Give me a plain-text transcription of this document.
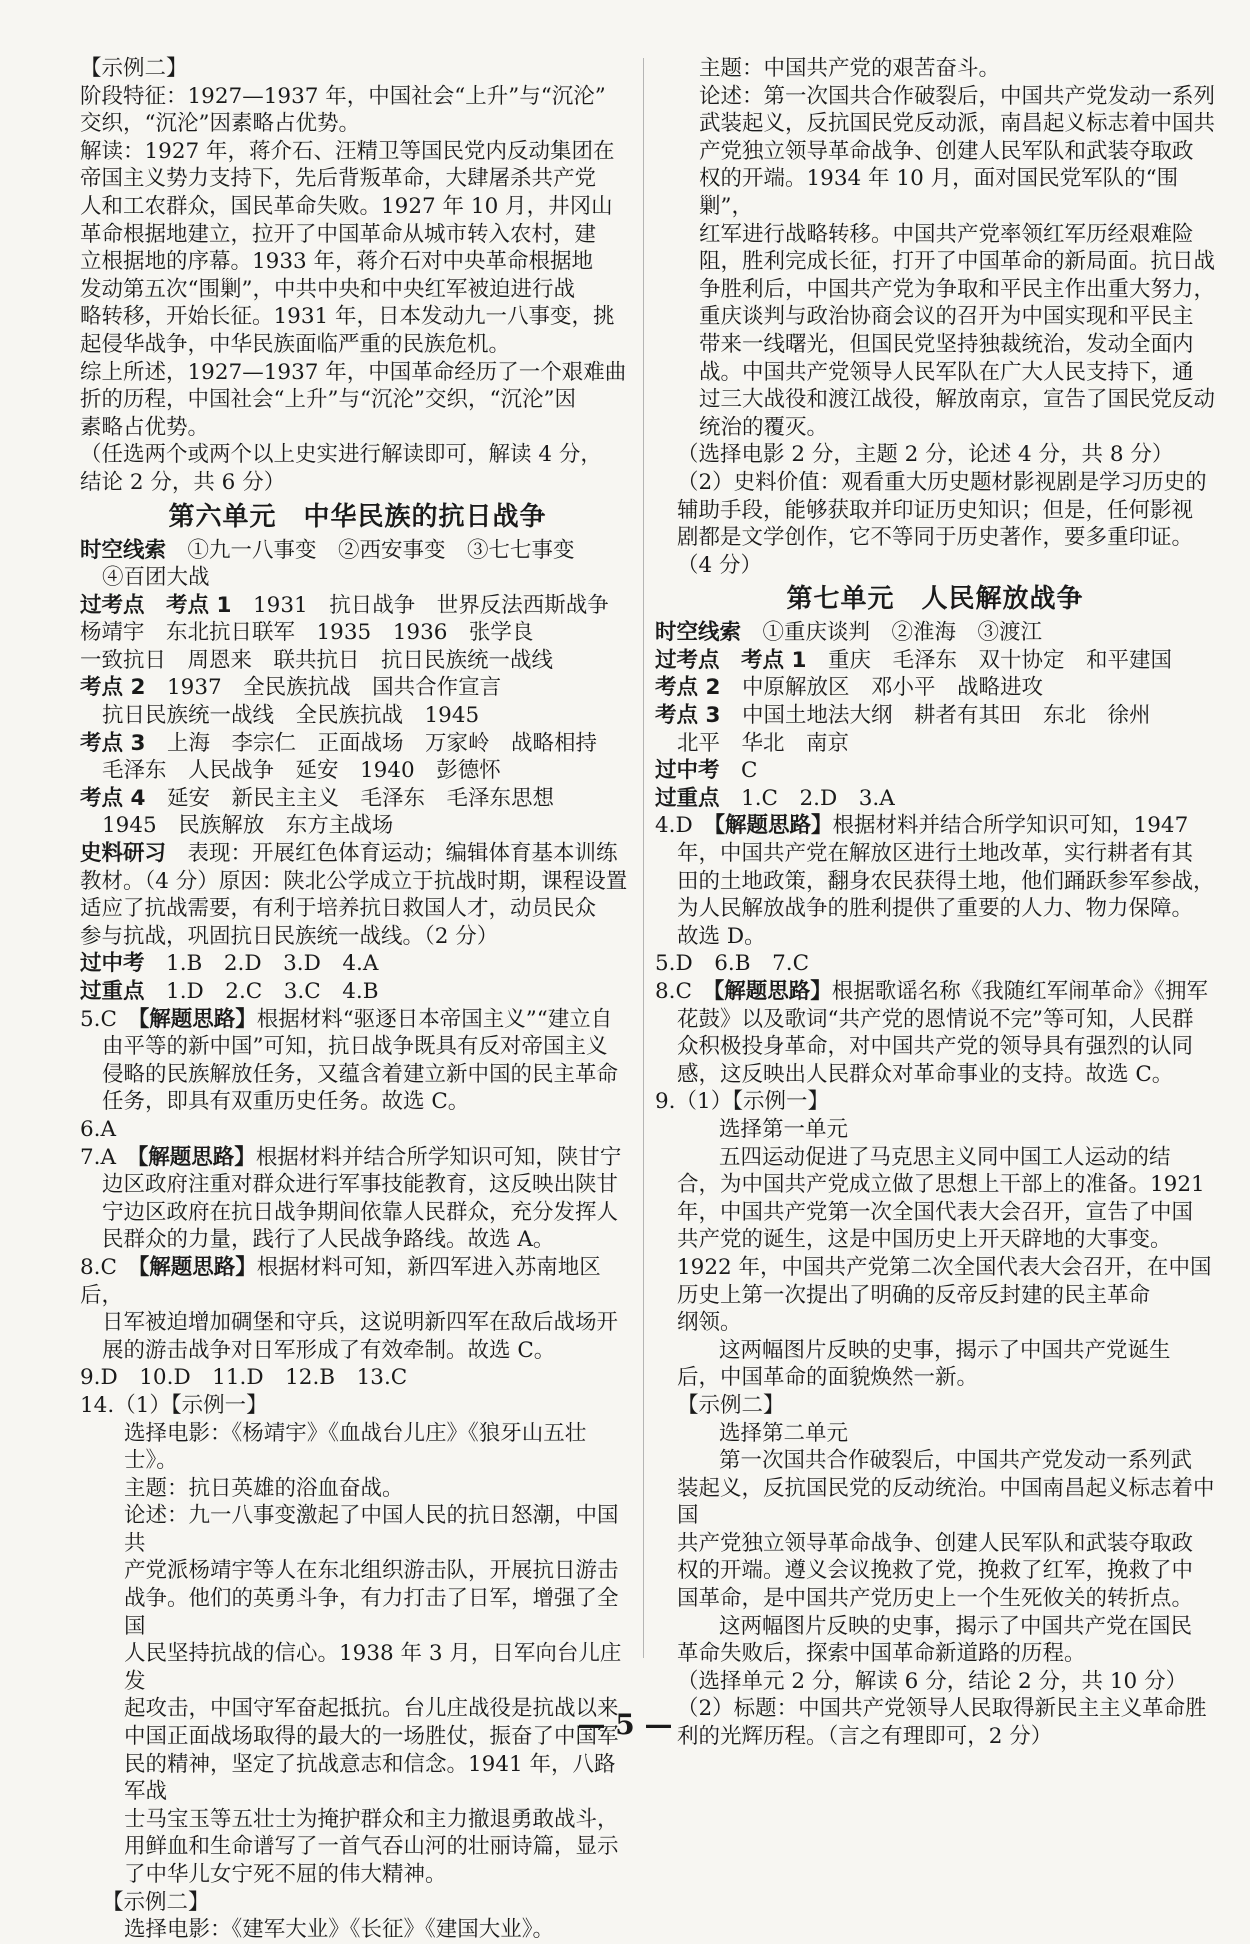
【示例二】

阶段特征：1927—1937 年，中国社会“上升”与“沉沦”

交织，“沉沦”因素略占优势。

解读：1927 年，蒋介石、汪精卫等国民党内反动集团在

帝国主义势力支持下，先后背叛革命，大肆屠杀共产党

人和工农群众，国民革命失败。1927 年 10 月，井冈山

革命根据地建立，拉开了中国革命从城市转入农村，建

立根据地的序幕。1933 年，蒋介石对中央革命根据地

发动第五次“围剿”，中共中央和中央红军被迫进行战

略转移，开始长征。1931 年，日本发动九一八事变，挑

起侵华战争，中华民族面临严重的民族危机。

综上所述，1927—1937 年，中国革命经历了一个艰难曲

折的历程，中国社会“上升”与“沉沦”交织，“沉沦”因

素略占优势。

（任选两个或两个以上史实进行解读即可，解读 4 分，

结论 2 分，共 6 分）

第六单元　中华民族的抗日战争

时空线索　 ①九一八事变　②西安事变　③七七事变

④百团大战

过考点　 考点 1　 1931　抗日战争　世界反法西斯战争

杨靖宇　东北抗日联军　1935　1936　张学良

一致抗日　周恩来　联共抗日　抗日民族统一战线

考点 2　 1937　全民族抗战　国共合作宣言

抗日民族统一战线　全民族抗战　1945

考点 3　 上海　李宗仁　正面战场　万家岭　战略相持

毛泽东　人民战争　延安　1940　彭德怀

考点 4　 延安　新民主主义　毛泽东　毛泽东思想

1945　民族解放　东方主战场

史料研习　 表现：开展红色体育运动；编辑体育基本训练

教材。（4 分）原因：陕北公学成立于抗战时期，课程设置

适应了抗战需要，有利于培养抗日救国人才，动员民众

参与抗战，巩固抗日民族统一战线。（2 分）

过中考　 1.B　2.D　3.D　4.A

过重点　 1.D　2.C　3.C　4.B

5.C　【解题思路】根据材料“驱逐日本帝国主义”“建立自

由平等的新中国”可知，抗日战争既具有反对帝国主义

侵略的民族解放任务，又蕴含着建立新中国的民主革命

任务，即具有双重历史任务。故选 C。

6.A

7.A　【解题思路】根据材料并结合所学知识可知，陕甘宁

边区政府注重对群众进行军事技能教育，这反映出陕甘

宁边区政府在抗日战争期间依靠人民群众，充分发挥人

民群众的力量，践行了人民战争路线。故选 A。

8.C　【解题思路】根据材料可知，新四军进入苏南地区后，

日军被迫增加碉堡和守兵，这说明新四军在敌后战场开

展的游击战争对日军形成了有效牵制。故选 C。

9.D　10.D　11.D　12.B　13.C

14.（1）【示例一】

选择电影：《杨靖宇》《血战台儿庄》《狼牙山五壮士》。

主题：抗日英雄的浴血奋战。

论述：九一八事变激起了中国人民的抗日怒潮，中国共

产党派杨靖宇等人在东北组织游击队，开展抗日游击

战争。他们的英勇斗争，有力打击了日军，增强了全国

人民坚持抗战的信心。1938 年 3 月，日军向台儿庄发

起攻击，中国守军奋起抵抗。台儿庄战役是抗战以来

中国正面战场取得的最大的一场胜仗，振奋了中国军

民的精神，坚定了抗战意志和信念。1941 年，八路军战

士马宝玉等五壮士为掩护群众和主力撤退勇敢战斗，

用鲜血和生命谱写了一首气吞山河的壮丽诗篇，显示

了中华儿女宁死不屈的伟大精神。

【示例二】

选择电影：《建军大业》《长征》《建国大业》。

主题：中国共产党的艰苦奋斗。

论述：第一次国共合作破裂后，中国共产党发动一系列

武装起义，反抗国民党反动派，南昌起义标志着中国共

产党独立领导革命战争、创建人民军队和武装夺取政

权的开端。1934 年 10 月，面对国民党军队的“围剿”，

红军进行战略转移。中国共产党率领红军历经艰难险

阻，胜利完成长征，打开了中国革命的新局面。抗日战

争胜利后，中国共产党为争取和平民主作出重大努力，

重庆谈判与政治协商会议的召开为中国实现和平民主

带来一线曙光，但国民党坚持独裁统治，发动全面内

战。中国共产党领导人民军队在广大人民支持下，通

过三大战役和渡江战役，解放南京，宣告了国民党反动

统治的覆灭。

（选择电影 2 分，主题 2 分，论述 4 分，共 8 分）

（2）史料价值：观看重大历史题材影视剧是学习历史的

辅助手段，能够获取并印证历史知识；但是，任何影视

剧都是文学创作，它不等同于历史著作，要多重印证。

（4 分）

第七单元　人民解放战争

时空线索　 ①重庆谈判　②淮海　③渡江

过考点　 考点 1　 重庆　毛泽东　双十协定　和平建国

考点 2　 中原解放区　邓小平　战略进攻

考点 3　 中国土地法大纲　耕者有其田　东北　徐州

北平　华北　南京

过中考　 C

过重点　 1.C　2.D　3.A

4.D　【解题思路】根据材料并结合所学知识可知，1947

年，中国共产党在解放区进行土地改革，实行耕者有其

田的土地政策，翻身农民获得土地，他们踊跃参军参战，

为人民解放战争的胜利提供了重要的人力、物力保障。

故选 D。

5.D　6.B　7.C

8.C　【解题思路】根据歌谣名称《我随红军闹革命》《拥军

花鼓》以及歌词“共产党的恩情说不完”等可知，人民群

众积极投身革命，对中国共产党的领导具有强烈的认同

感，这反映出人民群众对革命事业的支持。故选 C。

9.（1）【示例一】

选择第一单元

五四运动促进了马克思主义同中国工人运动的结

合，为中国共产党成立做了思想上干部上的准备。1921

年，中国共产党第一次全国代表大会召开，宣告了中国

共产党的诞生，这是中国历史上开天辟地的大事变。

1922 年，中国共产党第二次全国代表大会召开，在中国

历史上第一次提出了明确的反帝反封建的民主革命

纲领。

这两幅图片反映的史事，揭示了中国共产党诞生

后，中国革命的面貌焕然一新。

【示例二】

选择第二单元

第一次国共合作破裂后，中国共产党发动一系列武

装起义，反抗国民党的反动统治。中国南昌起义标志着中国

共产党独立领导革命战争、创建人民军队和武装夺取政

权的开端。遵义会议挽救了党，挽救了红军，挽救了中

国革命，是中国共产党历史上一个生死攸关的转折点。

这两幅图片反映的史事，揭示了中国共产党在国民

革命失败后，探索中国革命新道路的历程。

（选择单元 2 分，解读 6 分，结论 2 分，共 10 分）

（2）标题：中国共产党领导人民取得新民主主义革命胜

利的光辉历程。（言之有理即可，2 分）

— 5 —
